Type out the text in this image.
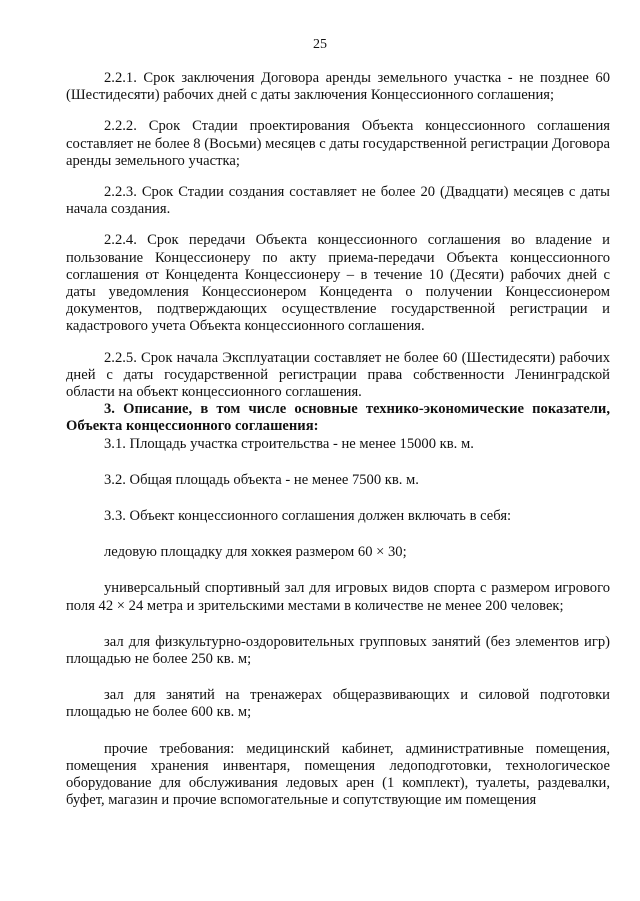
25

2.2.1. Срок заключения Договора аренды земельного участка - не позднее 60 (Шестидесяти) рабочих дней с даты заключения Концессионного соглашения;

2.2.2. Срок Стадии проектирования Объекта концессионного соглашения составляет не более 8 (Восьми) месяцев с даты государственной регистрации Договора аренды земельного участка;

2.2.3. Срок Стадии создания составляет не более 20 (Двадцати) месяцев с даты начала создания.

2.2.4. Срок передачи Объекта концессионного соглашения во владение и пользование Концессионеру по акту приема-передачи Объекта концессионного соглашения от Концедента Концессионеру – в течение 10 (Десяти) рабочих дней с даты уведомления Концессионером Концедента о получении Концессионером документов, подтверждающих осуществление государственной регистрации и кадастрового учета Объекта концессионного соглашения.

2.2.5. Срок начала Эксплуатации составляет не более 60 (Шестидесяти) рабочих дней с даты государственной регистрации права собственности Ленинградской области на объект концессионного соглашения.

3. Описание, в том числе основные технико-экономические показатели, Объекта концессионного соглашения:

3.1. Площадь участка строительства - не менее 15000 кв. м.

3.2. Общая площадь объекта - не менее 7500 кв. м.

3.3. Объект концессионного соглашения должен включать в себя:

ледовую площадку для хоккея размером 60 × 30;

универсальный спортивный зал для игровых видов спорта с размером игрового поля 42 × 24 метра и зрительскими местами в количестве не менее 200 человек;

зал для физкультурно-оздоровительных групповых занятий (без элементов игр) площадью не более 250 кв. м;

зал для занятий на тренажерах общеразвивающих и силовой подготовки площадью не более 600 кв. м;

прочие требования: медицинский кабинет, административные помещения, помещения хранения инвентаря, помещения ледоподготовки, технологическое оборудование для обслуживания ледовых арен (1 комплект), туалеты, раздевалки, буфет, магазин и прочие вспомогательные и сопутствующие им помещения
